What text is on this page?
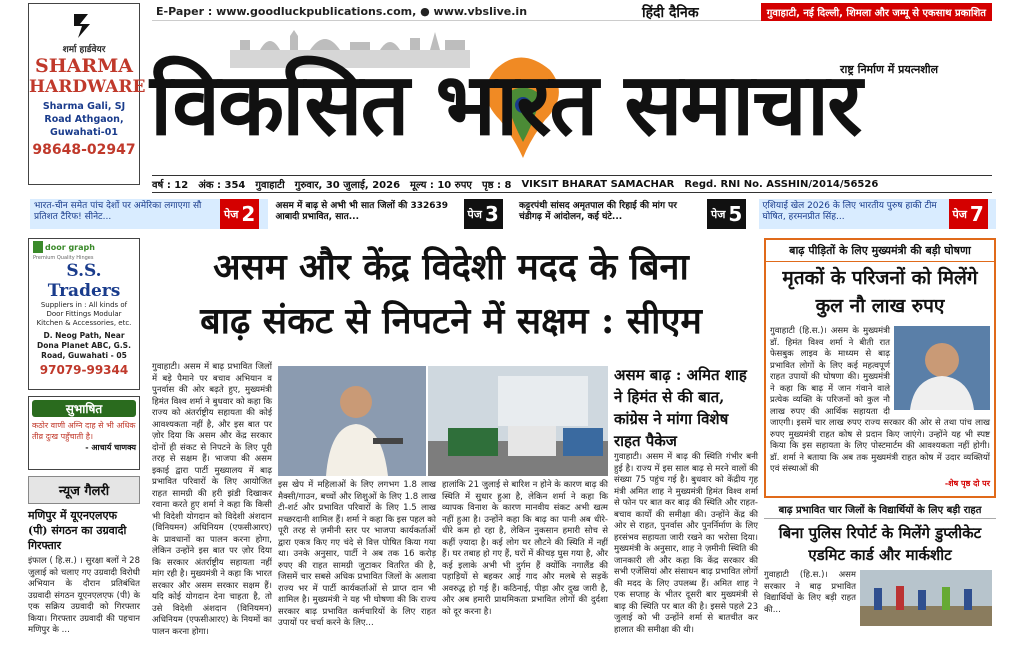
शर्मा हार्डवेयर
SHARMA
HARDWARE
Sharma Gali, SJ Road Athgaon, Guwahati-01
98648-02947
door graph
Premium Quality Hinges
S.S. Traders
Suppliers in : All kinds of Door Fittings Modular Kitchen & Accessories, etc.
D. Neog Path, Near Dona Planet ABC, G.S. Road, Guwahati - 05
97079-99344
सुभाषित
कठोर वाणी अग्नि दाह से भी अधिक तीव्र दुःख पहुँचाती है।
- आचार्य चाणक्य
न्यूज गैलरी
मणिपुर में यूएनएलएफ (पी) संगठन का उग्रवादी गिरफ्तार
इंफाल ( हि.स.) । सुरक्षा बलों ने 28 जुलाई को चलाए गए उग्रवादी विरोधी अभियान के दौरान प्रतिबंधित उग्रवादी संगठन यूएनएलएफ (पी) के एक सक्रिय उग्रवादी को गिरफ्तार किया। गिरफ्तार उग्रवादी की पहचान मणिपुर के ...
E-Paper : www.goodluckpublications.com, ● www.vbslive.in	हिंदी दैनिक	गुवाहाटी, नई दिल्ली, शिमला और जम्मू से एकसाथ प्रकाशित
विकसित भारत समाचार
राष्ट्र निर्माण में प्रयत्नशील
वर्ष : 12 अंक : 354 गुवाहाटी गुरुवार, 30 जुलाई, 2026 मूल्य : 10 रुपए पृष्ठ : 8 VIKSIT BHARAT SAMACHAR Regd. RNI No. ASSHIN/2014/56526
भारत-चीन समेत पांच देशों पर अमेरिका लगाएगा सौ प्रतिशत टैरिफ! सीनेट...	पेज 2	असम में बाढ़ से अभी भी सात जिलों की 332639 आबादी प्रभावित, सात...	पेज 3	कट्टरपंथी सांसद अमृतपाल की रिहाई की मांग पर चंडीगढ़ में आंदोलन, कई घंटे...	पेज 5	एशियाई खेल 2026 के लिए भारतीय पुरुष हाकी टीम घोषित, हरमनप्रीत सिंह...	पेज 7
असम और केंद्र विदेशी मदद के बिना
बाढ़ संकट से निपटने में सक्षम : सीएम
गुवाहाटी। असम में बाढ़ प्रभावित जिलों में बड़े पैमाने पर बचाव अभियान व पुनर्वास की ओर बढ़ते हुए, मुख्यमंत्री हिमंत विश्व शर्मा ने बुधवार को कहा कि राज्य को अंतर्राष्ट्रीय सहायता की कोई आवश्यकता नहीं है, और इस बात पर ज़ोर दिया कि असम और केंद्र सरकार दोनों ही संकट से निपटने के लिए पूरी तरह से सक्षम हैं। भाजपा की असम इकाई द्वारा पार्टी मुख्यालय में बाढ़ प्रभावित परिवारों के लिए आयोजित राहत सामग्री की हरी झंडी दिखाकर रवाना करते हुए शर्मा ने कहा कि किसी भी विदेशी योगदान को विदेशी अंशदान (विनियमन) अधिनियम (एफसीआरए) के प्रावधानों का पालन करना होगा, लेकिन उन्होंने इस बात पर ज़ोर दिया कि सरकार अंतर्राष्ट्रीय सहायता नहीं मांग रही है। मुख्यमंत्री ने कहा कि भारत सरकार और असम सरकार सक्षम हैं। यदि कोई योगदान देना चाहता है, तो उसे विदेशी अंशदान (विनियमन) अधिनियम (एफसीआरए) के नियमों का पालन करना होगा।
इस खेप में महिलाओं के लिए लगभग 1.8 लाख मैक्सी/गाउन, बच्चों और शिशुओं के लिए 1.8 लाख टी-शर्ट और प्रभावित परिवारों के लिए 1.5 लाख मच्छरदानी शामिल हैं। शर्मा ने कहा कि इस पहल को पूरी तरह से ज़मीनी स्तर पर भाजपा कार्यकर्ताओं द्वारा एकत्र किए गए चंदे से वित्त पोषित किया गया था। उनके अनुसार, पार्टी ने अब तक 16 करोड़ रुपए की राहत सामग्री जुटाकर वितरित की है, जिसमें चार सबसे अधिक प्रभावित जिलों के अलावा राज्य भर में पार्टी कार्यकर्ताओं से प्राप्त दान भी शामिल है। मुख्यमंत्री ने यह भी घोषणा की कि राज्य सरकार बाढ़ प्रभावित कर्मचारियों के लिए राहत उपायों पर चर्चा करने के लिए...
हालांकि 21 जुलाई से बारिश न होने के कारण बाढ़ की स्थिति में सुधार हुआ है, लेकिन शर्मा ने कहा कि व्यापक विनाश के कारण मानवीय संकट अभी खत्म नहीं हुआ है। उन्होंने कहा कि बाढ़ का पानी अब धीरे-धीरे कम हो रहा है, लेकिन नुकसान हमारी सोच से कहीं ज़्यादा है। कई लोग घर लौटने की स्थिति में नहीं हैं। घर तबाह हो गए हैं, घरों में कीचड़ घुस गया है, और कई इलाके अभी भी दुर्गम हैं क्योंकि नगालैंड की पहाड़ियों से बहकर आई गाद और मलबे से सड़कें अवरुद्ध हो गई हैं। कठिनाई, पीड़ा और दुख जारी है, और अब हमारी प्राथमिकता प्रभावित लोगों की दुर्दशा को दूर करना है।
असम बाढ़ : अमित शाह ने हिमंत से की बात, कांग्रेस ने मांगा विशेष राहत पैकेज
गुवाहाटी। असम में बाढ़ की स्थिति गंभीर बनी हुई है। राज्य में इस साल बाढ़ से मरने वालों की संख्या 75 पहुंच गई है। बुधवार को केंद्रीय गृह मंत्री अमित शाह ने मुख्यमंत्री हिमंत विश्व शर्मा से फोन पर बात कर बाढ़ की स्थिति और राहत-बचाव कार्यों की समीक्षा की। उन्होंने केंद्र की ओर से राहत, पुनर्वास और पुनर्निर्माण के लिए हरसंभव सहायता जारी रखने का भरोसा दिया। मुख्यमंत्री के अनुसार, शाह ने ज़मीनी स्थिति की जानकारी ली और कहा कि केंद्र सरकार की सभी एजेंसियां और संसाधन बाढ़ प्रभावित लोगों की मदद के लिए उपलब्ध हैं। अमित शाह ने एक सप्ताह के भीतर दूसरी बार मुख्यमंत्री से बाढ़ की स्थिति पर बात की है। इससे पहले 23 जुलाई को भी उन्होंने शर्मा से बातचीत कर हालात की समीक्षा की थी।
बाढ़ पीड़ितों के लिए मुख्यमंत्री की बड़ी घोषणा
मृतकों के परिजनों को मिलेंगे कुल नौ लाख रुपए
गुवाहाटी (हि.स.)। असम के मुख्यमंत्री डॉ. हिमंत विश्व शर्मा ने बीती रात फेसबुक लाइव के माध्यम से बाढ़ प्रभावित लोगों के लिए कई महत्वपूर्ण राहत उपायों की घोषणा की। मुख्यमंत्री ने कहा कि बाढ़ में जान गंवाने वाले प्रत्येक व्यक्ति के परिजनों को कुल नौ लाख रुपए की आर्थिक सहायता दी जाएगी। इसमें चार लाख रुपए राज्य सरकार की ओर से तथा पांच लाख रुपए मुख्यमंत्री राहत कोष से प्रदान किए जाएंगे। उन्होंने यह भी स्पष्ट किया कि इस सहायता के लिए पोस्टमार्टम की आवश्यकता नहीं होगी। डॉ. शर्मा ने बताया कि अब तक मुख्यमंत्री राहत कोष में उदार व्यक्तियों एवं संस्थाओं की
-शेष पृष्ठ दो पर
बाढ़ प्रभावित चार जिलों के विद्यार्थियों के लिए बड़ी राहत
बिना पुलिस रिपोर्ट के मिलेंगे डुप्लीकेट एडमिट कार्ड और मार्कशीट
गुवाहाटी (हि.स.)। असम सरकार ने बाढ़ प्रभावित विद्यार्थियों के लिए बड़ी राहत की...
